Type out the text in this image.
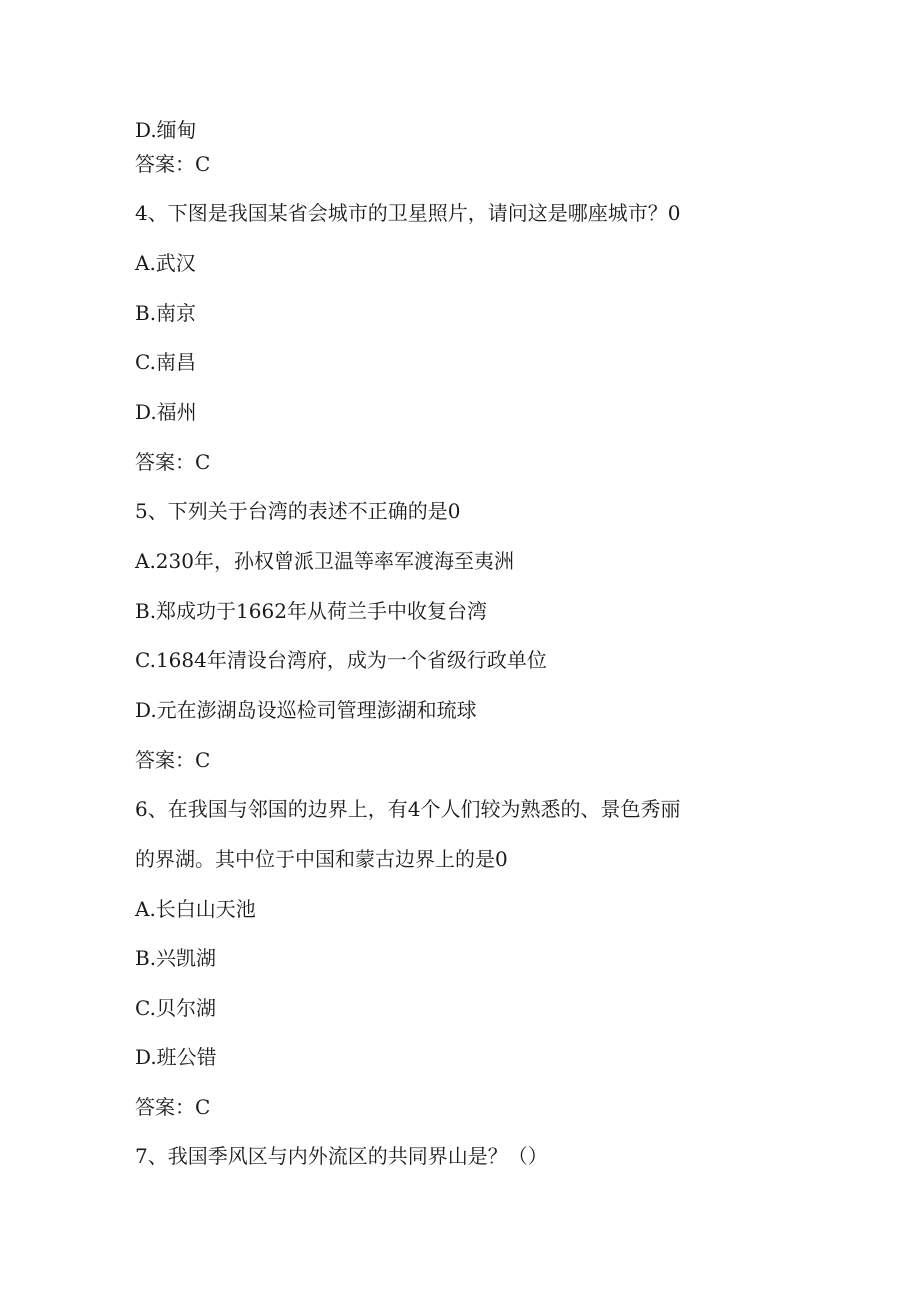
D.缅甸
答案：C
4、下图是我国某省会城市的卫星照片，请问这是哪座城市？0
A.武汉
B.南京
C.南昌
D.福州
答案：C
5、下列关于台湾的表述不正确的是0
A.230年，孙权曾派卫温等率军渡海至夷洲
B.郑成功于1662年从荷兰手中收复台湾
C.1684年清设台湾府，成为一个省级行政单位
D.元在澎湖岛设巡检司管理澎湖和琉球
答案：C
6、在我国与邻国的边界上，有4个人们较为熟悉的、景色秀丽
的界湖。其中位于中国和蒙古边界上的是0
A.长白山天池
B.兴凯湖
C.贝尔湖
D.班公错
答案：C
7、我国季风区与内外流区的共同界山是？（）
